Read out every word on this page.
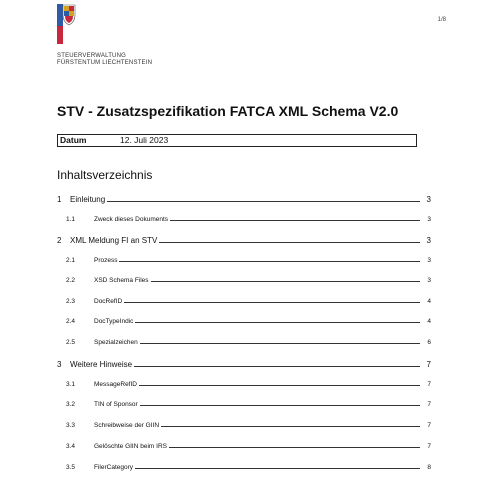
STEUERVERWALTUNG
FÜRSTENTUM LIECHTENSTEIN
1/8
STV - Zusatzspezifikation FATCA XML Schema V2.0
Datum	12. Juli 2023
Inhaltsverzeichnis
1	Einleitung	3
1.1	Zweck dieses Dokuments	3
2	XML Meldung FI an STV	3
2.1	Prozess	3
2.2	XSD Schema Files	3
2.3	DocRefID	4
2.4	DocTypeIndic	4
2.5	Spezialzeichen	6
3	Weitere Hinweise	7
3.1	MessageRefID	7
3.2	TIN of Sponsor	7
3.3	Schreibweise der GIIN	7
3.4	Gelöschte GIIN beim IRS	7
3.5	FilerCategory	8
